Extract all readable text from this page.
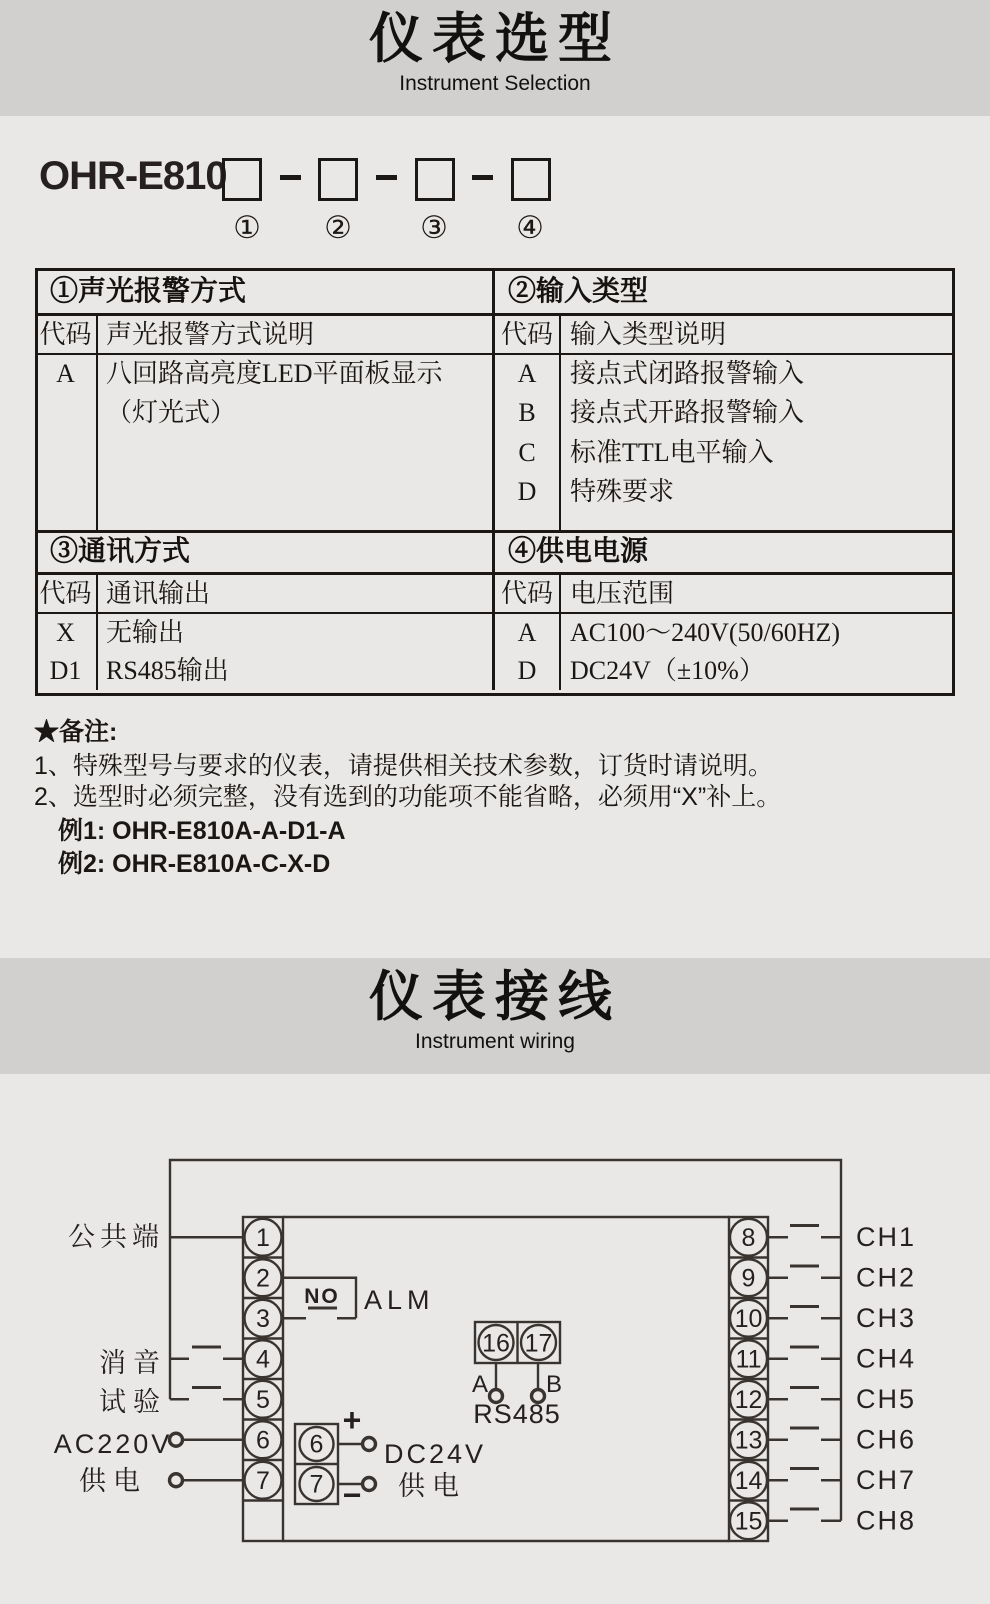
仪表选型
Instrument Selection
OHR-E810
① ② ③ ④
①声光报警方式
代码 声光报警方式说明
A	八回路高亮度LED平面板显示
（灯光式）
②输入类型
代码 输入类型说明
A	接点式闭路报警输入
B	接点式开路报警输入
C	标准TTL电平输入
D	特殊要求
③通讯方式
代码 通讯输出
X	无输出
D1 RS485输出
④供电电源
代码 电压范围
A	AC100～240V(50/60HZ)
D	DC24V（±10%）
★备注:
1、特殊型号与要求的仪表，请提供相关技术参数，订货时请说明。
2、选型时必须完整，没有选到的功能项不能省略，必须用“X”补上。
例1: OHR-E810A-A-D1-A
例2: OHR-E810A-C-X-D
仪表接线
Instrument wiring
1
2
3
4
5
6
7
8
9
10
11
12
13
14
15
16 17
6
7
公共端
消音
试验
AC220V
供电
DC24V
供电
+
−
NO ALM
A B
RS485
CH1
CH2
CH3
CH4
CH5
CH6
CH7
CH8
